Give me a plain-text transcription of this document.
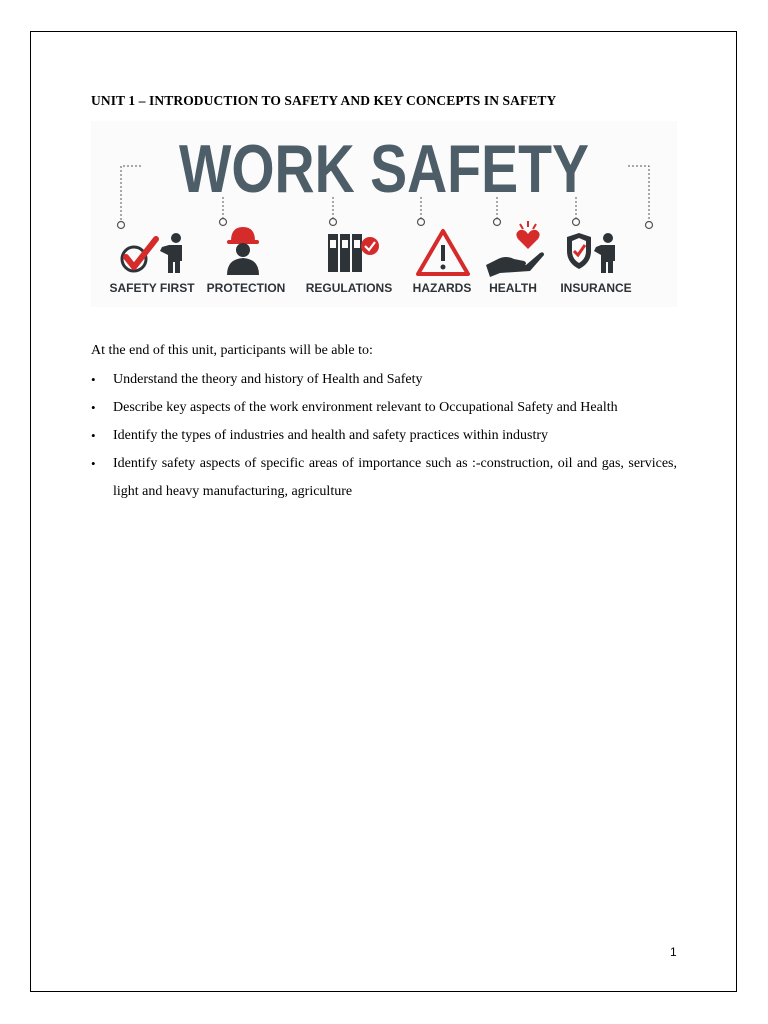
UNIT 1 – INTRODUCTION TO SAFETY AND KEY CONCEPTS IN SAFETY
WORK SAFETY
SAFETY FIRST PROTECTION REGULATIONS HAZARDS HEALTH INSURANCE
At the end of this unit, participants will be able to:
• Understand the theory and history of Health and Safety
• Describe key aspects of the work environment relevant to Occupational Safety and Health
• Identify the types of industries and health and safety practices within industry
• Identify safety aspects of specific areas of importance such as :-construction, oil and gas, services, light and heavy manufacturing, agriculture
1
